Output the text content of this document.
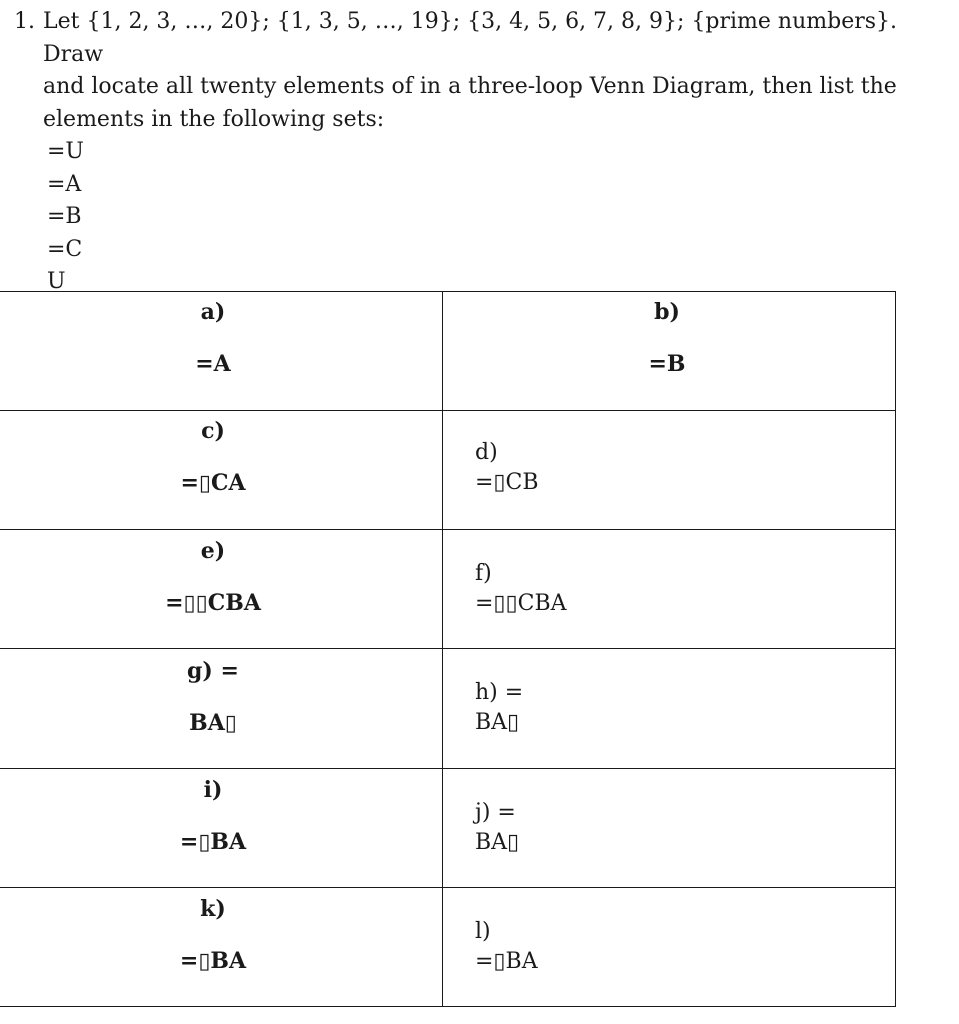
1. Let {1, 2, 3, …, 20}; {1, 3, 5, …, 19}; {3, 4, 5, 6, 7, 8, 9}; {prime numbers}. Draw
and locate all twenty elements of in a three-loop Venn Diagram, then list the
elements in the following sets:
=U
=A
=B
=C
U
a)
=A
b)
=B
c)
=▯CA
d)
=▯CB
e)
=▯▯CBA
f)
=▯▯CBA
g) =
BA▯
h) =
BA▯
i)
=▯BA
j) =
BA▯
k)
=▯BA
l)
=▯BA
